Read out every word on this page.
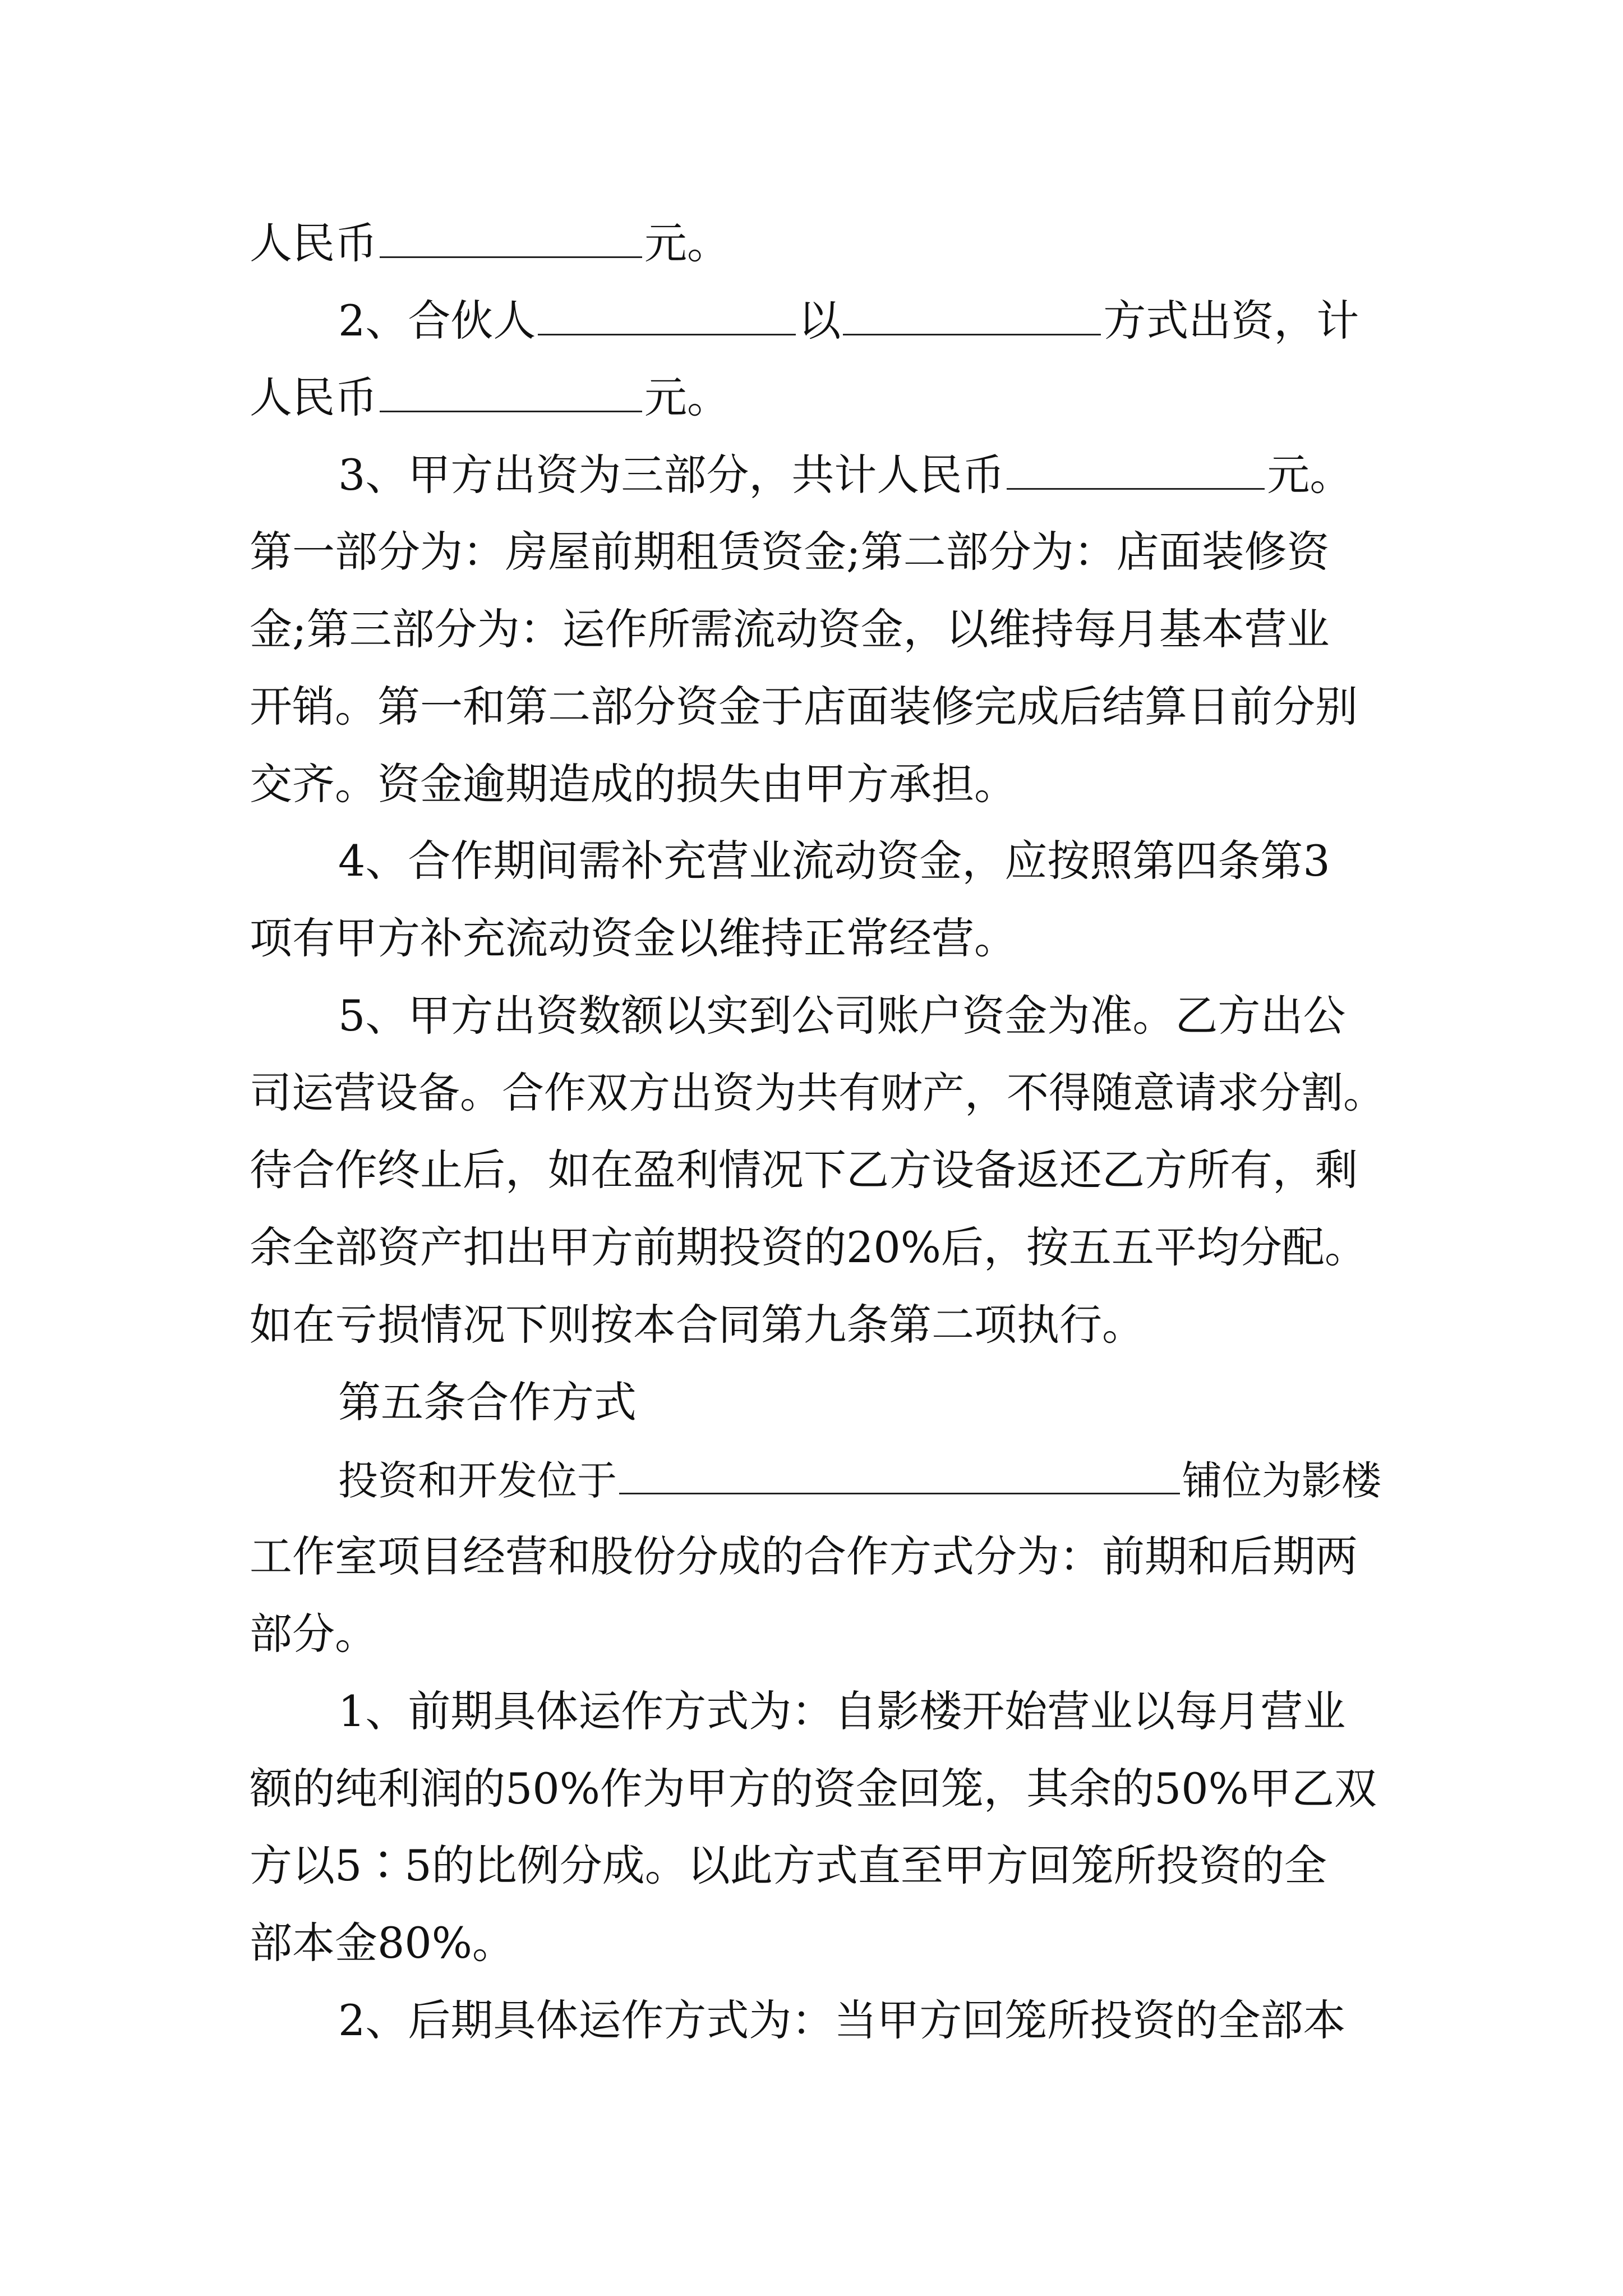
人民币	元。
2、合伙人	以	方式出资，计
人民币	元。
3、甲方出资为三部分，共计人民币	元。
第一部分为：房屋前期租赁资金;第二部分为：店面装修资
金;第三部分为：运作所需流动资金，以维持每月基本营业
开销。第一和第二部分资金于店面装修完成后结算日前分别
交齐。资金逾期造成的损失由甲方承担。
4、合作期间需补充营业流动资金，应按照第四条第3
项有甲方补充流动资金以维持正常经营。
5、甲方出资数额以实到公司账户资金为准。乙方出公
司运营设备。合作双方出资为共有财产，不得随意请求分割。
待合作终止后，如在盈利情况下乙方设备返还乙方所有，剩
余全部资产扣出甲方前期投资的20%后，按五五平均分配。
如在亏损情况下则按本合同第九条第二项执行。
第五条合作方式
投资和开发位于	铺位为影楼
工作室项目经营和股份分成的合作方式分为：前期和后期两
部分。
1、前期具体运作方式为：自影楼开始营业以每月营业
额的纯利润的50%作为甲方的资金回笼，其余的50%甲乙双
方以5∶5的比例分成。以此方式直至甲方回笼所投资的全
部本金80%。
2、后期具体运作方式为：当甲方回笼所投资的全部本
